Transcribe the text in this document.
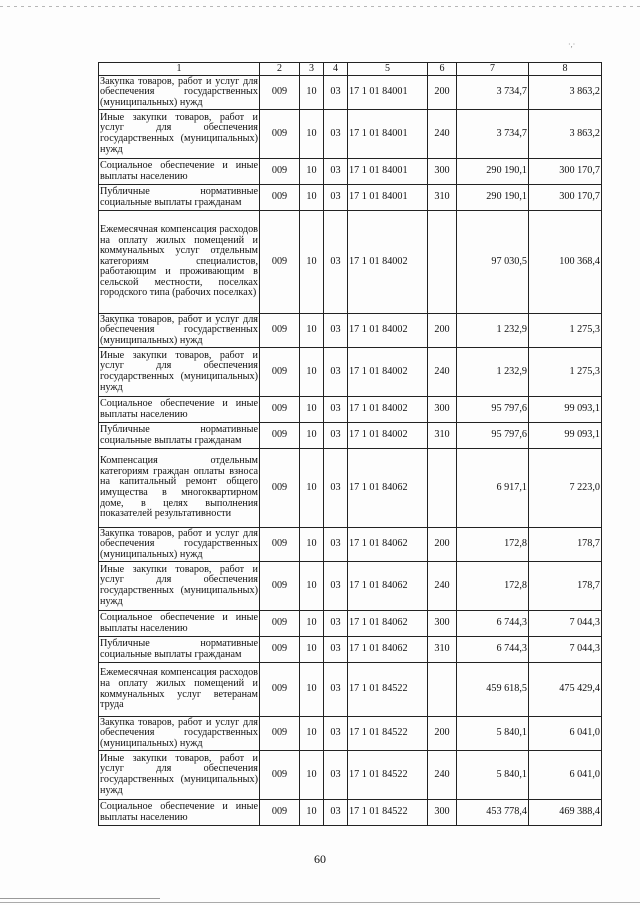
·,·
1	2	3	4	5	6	7	8
Закупка товаров, работ и услуг для обеспечения государственных (муниципальных) нужд	009	10	03	17 1 01 84001	200	3 734,7	3 863,2
Иные закупки товаров, работ и услуг для обеспечения государственных (муниципальных) нужд	009	10	03	17 1 01 84001	240	3 734,7	3 863,2
Социальное обеспечение и иные выплаты населению	009	10	03	17 1 01 84001	300	290 190,1	300 170,7
Публичные нормативные социальные выплаты гражданам	009	10	03	17 1 01 84001	310	290 190,1	300 170,7
Ежемесячная компенсация расходов на оплату жилых помещений и коммунальных услуг отдельным категориям специалистов, работающим и проживающим в сельской местности, поселках городского типа (рабочих поселках)	009	10	03	17 1 01 84002		97 030,5	100 368,4
Закупка товаров, работ и услуг для обеспечения государственных (муниципальных) нужд	009	10	03	17 1 01 84002	200	1 232,9	1 275,3
Иные закупки товаров, работ и услуг для обеспечения государственных (муниципальных) нужд	009	10	03	17 1 01 84002	240	1 232,9	1 275,3
Социальное обеспечение и иные выплаты населению	009	10	03	17 1 01 84002	300	95 797,6	99 093,1
Публичные нормативные социальные выплаты гражданам	009	10	03	17 1 01 84002	310	95 797,6	99 093,1
Компенсация отдельным категориям граждан оплаты взноса на капитальный ремонт общего имущества в многоквартирном доме, в целях выполнения показателей результативности	009	10	03	17 1 01 84062		6 917,1	7 223,0
Закупка товаров, работ и услуг для обеспечения государственных (муниципальных) нужд	009	10	03	17 1 01 84062	200	172,8	178,7
Иные закупки товаров, работ и услуг для обеспечения государственных (муниципальных) нужд	009	10	03	17 1 01 84062	240	172,8	178,7
Социальное обеспечение и иные выплаты населению	009	10	03	17 1 01 84062	300	6 744,3	7 044,3
Публичные нормативные социальные выплаты гражданам	009	10	03	17 1 01 84062	310	6 744,3	7 044,3
Ежемесячная компенсация расходов на оплату жилых помещений и коммунальных услуг ветеранам труда	009	10	03	17 1 01 84522		459 618,5	475 429,4
Закупка товаров, работ и услуг для обеспечения государственных (муниципальных) нужд	009	10	03	17 1 01 84522	200	5 840,1	6 041,0
Иные закупки товаров, работ и услуг для обеспечения государственных (муниципальных) нужд	009	10	03	17 1 01 84522	240	5 840,1	6 041,0
Социальное обеспечение и иные выплаты населению	009	10	03	17 1 01 84522	300	453 778,4	469 388,4
60
